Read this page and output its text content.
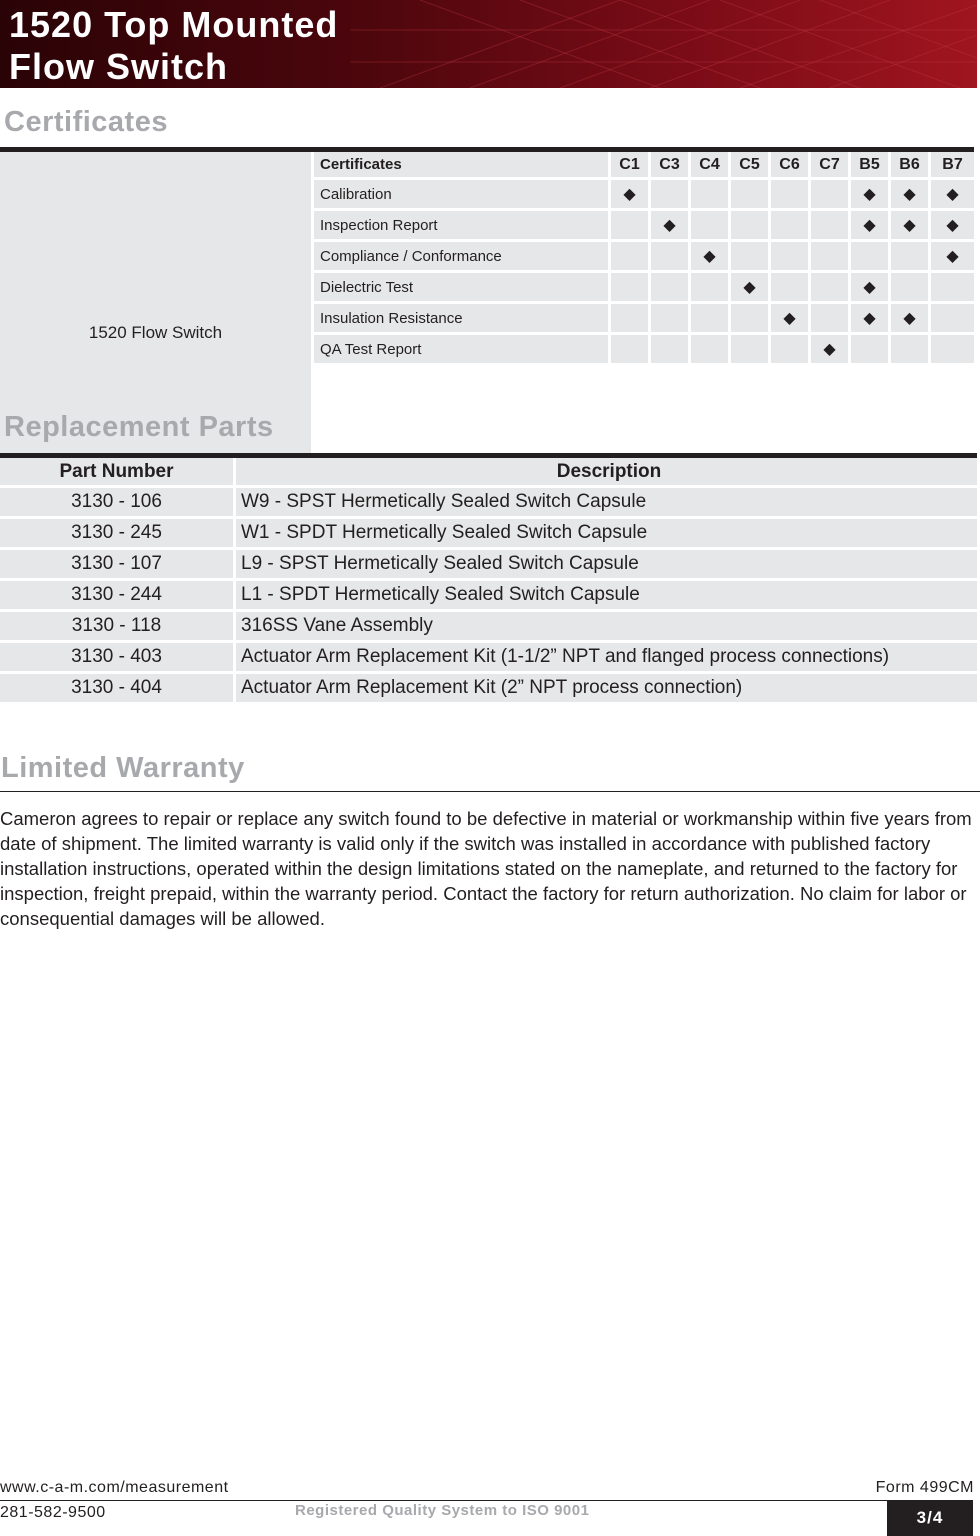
1520 Top Mounted
Flow Switch
Certificates
1520 Flow Switch
Certificates	C1	C3	C4	C5	C6	C7	B5	B6	B7
Calibration	◆						◆	◆	◆
Inspection Report		◆					◆	◆	◆
Compliance / Conformance			◆						◆
Dielectric Test				◆			◆		
Insulation Resistance					◆		◆	◆	
QA Test Report						◆			
Replacement Parts
Part Number	Description
3130 - 106	W9 - SPST Hermetically Sealed Switch Capsule
3130 - 245	W1 - SPDT Hermetically Sealed Switch Capsule
3130 - 107	L9 - SPST Hermetically Sealed Switch Capsule
3130 - 244	L1 - SPDT Hermetically Sealed Switch Capsule
3130 - 118	316SS Vane Assembly
3130 - 403	Actuator Arm Replacement Kit (1-1/2” NPT and flanged process connections)
3130 - 404	Actuator Arm Replacement Kit (2” NPT process connection)
Limited Warranty

Cameron agrees to repair or replace any switch found to be defective in material or workmanship within five years from date of shipment. The limited warranty is valid only if the switch was installed in accordance with published factory installation instructions, operated within the design limitations stated on the nameplate, and returned to the factory for inspection, freight prepaid, within the warranty period. Contact the factory for return authorization. No claim for labor or consequential damages will be allowed.

www.c-a-m.com/measurement	Form 499CM
281-582-9500	Registered Quality System to ISO 9001	3/4
